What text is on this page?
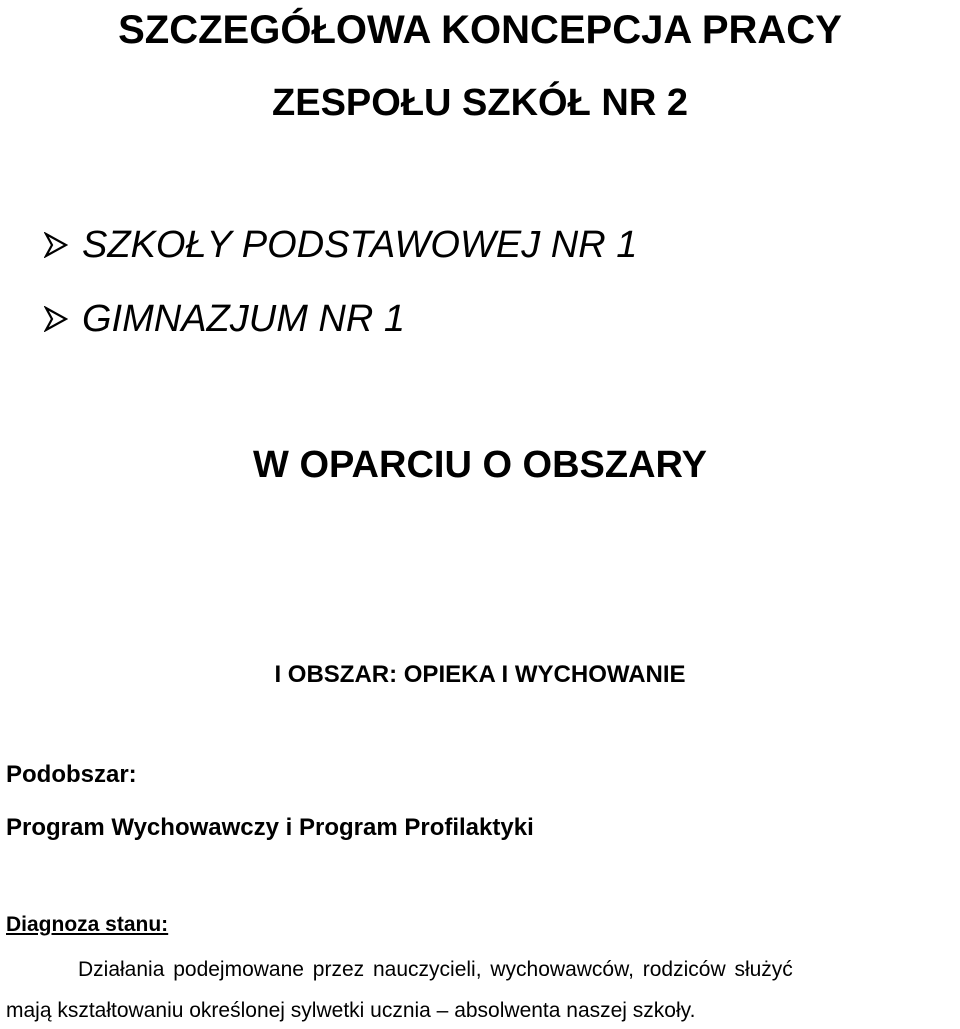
SZCZEGÓŁOWA KONCEPCJA PRACY
ZESPOŁU SZKÓŁ NR 2
SZKOŁY PODSTAWOWEJ NR 1
GIMNAZJUM NR 1
W OPARCIU O OBSZARY
I OBSZAR: OPIEKA I WYCHOWANIE
Podobszar:
Program Wychowawczy i Program Profilaktyki
Diagnoza stanu:
Działania podejmowane przez nauczycieli, wychowawców, rodziców służyć
mają kształtowaniu określonej sylwetki ucznia – absolwenta naszej szkoły.
